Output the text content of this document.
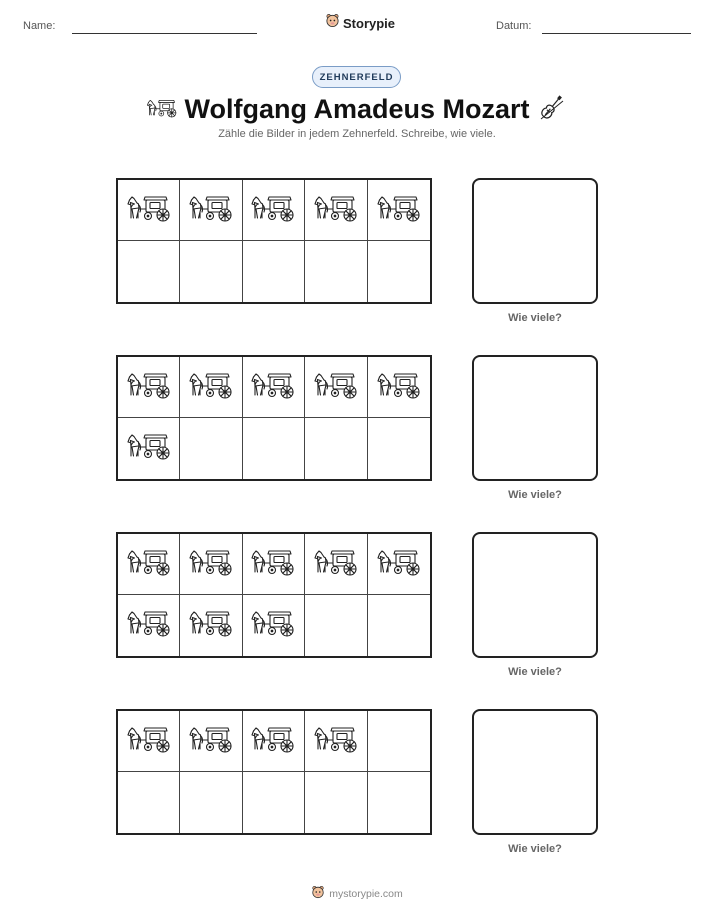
Name:	Storypie	Datum:
ZEHNERFELD
Wolfgang Amadeus Mozart
Zähle die Bilder in jedem Zehnerfeld. Schreibe, wie viele.
Wie viele?
Wie viele?
Wie viele?
Wie viele?
mystorypie.com
